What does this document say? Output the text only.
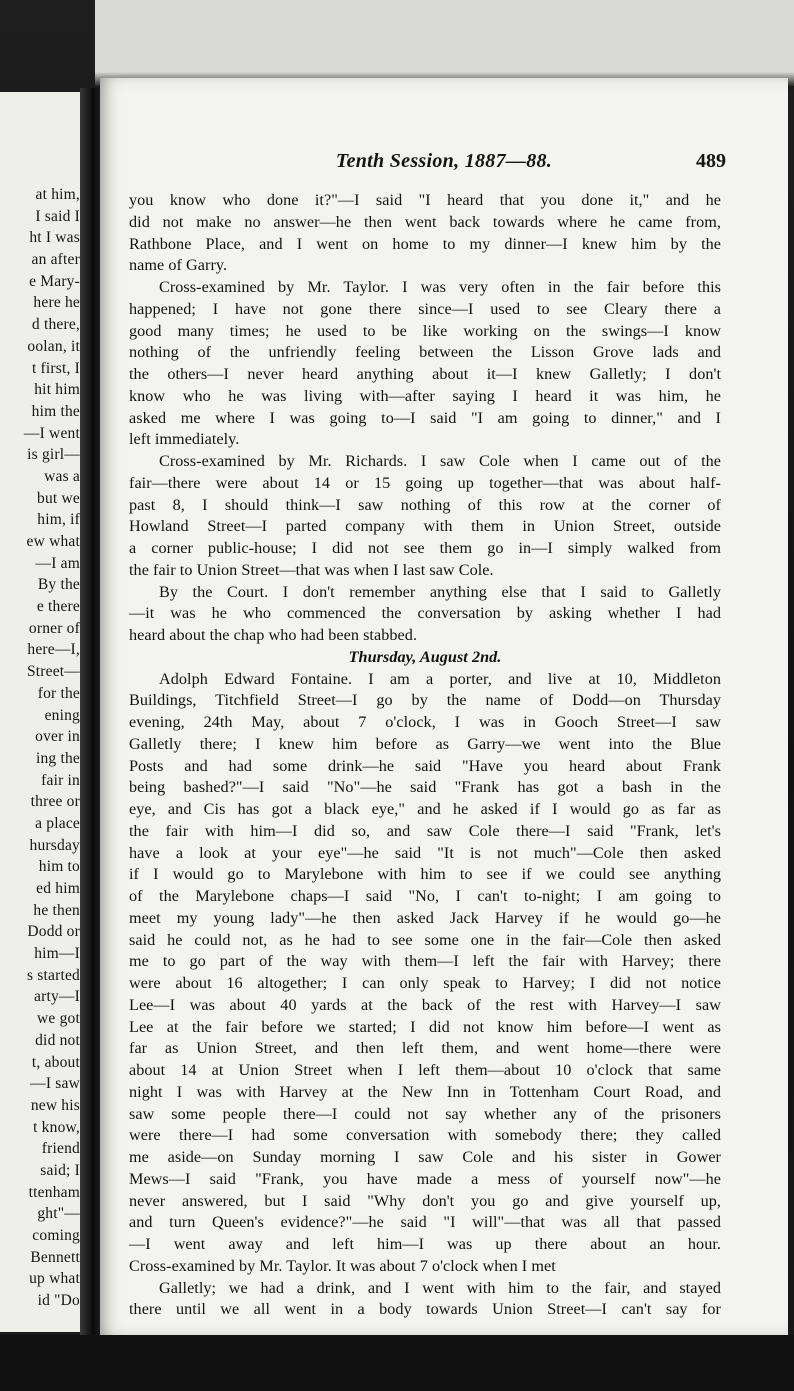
at him,
I said I
ht I was
an after
e Mary-
here he
d there,
oolan, it
t first, I
hit him
him the
—I went
is girl—
was a
but we
him, if
ew what
—I am
By the
e there
orner of
here—I,
Street—
for the
ening
over in
ing the
fair in
three or
a place
hursday
him to
ed him
he then
Dodd or
him—I
s started
arty—I
we got
did not
t, about
—I saw
new his
t know,
friend
said; I
ttenham
ght"—
coming
Bennett
up what
id "Do
Tenth Session, 1887—88.	489
you know who done it?"—I said "I heard that you done it," and he
did not make no answer—he then went back towards where he came from,
Rathbone Place, and I went on home to my dinner—I knew him by the
name of Garry.
Cross-examined by Mr. Taylor. I was very often in the fair before this
happened; I have not gone there since—I used to see Cleary there a
good many times; he used to be like working on the swings—I know
nothing of the unfriendly feeling between the Lisson Grove lads and
the others—I never heard anything about it—I knew Galletly; I don't
know who he was living with—after saying I heard it was him, he
asked me where I was going to—I said "I am going to dinner," and I
left immediately.
Cross-examined by Mr. Richards. I saw Cole when I came out of the
fair—there were about 14 or 15 going up together—that was about half-
past 8, I should think—I saw nothing of this row at the corner of
Howland Street—I parted company with them in Union Street, outside
a corner public-house; I did not see them go in—I simply walked from
the fair to Union Street—that was when I last saw Cole.
By the Court. I don't remember anything else that I said to Galletly
—it was he who commenced the conversation by asking whether I had
heard about the chap who had been stabbed.
Thursday, August 2nd.
Adolph Edward Fontaine. I am a porter, and live at 10, Middleton
Buildings, Titchfield Street—I go by the name of Dodd—on Thursday
evening, 24th May, about 7 o'clock, I was in Gooch Street—I saw
Galletly there; I knew him before as Garry—we went into the Blue
Posts and had some drink—he said "Have you heard about Frank
being bashed?"—I said "No"—he said "Frank has got a bash in the
eye, and Cis has got a black eye," and he asked if I would go as far as
the fair with him—I did so, and saw Cole there—I said "Frank, let's
have a look at your eye"—he said "It is not much"—Cole then asked
if I would go to Marylebone with him to see if we could see anything
of the Marylebone chaps—I said "No, I can't to-night; I am going to
meet my young lady"—he then asked Jack Harvey if he would go—he
said he could not, as he had to see some one in the fair—Cole then asked
me to go part of the way with them—I left the fair with Harvey; there
were about 16 altogether; I can only speak to Harvey; I did not notice
Lee—I was about 40 yards at the back of the rest with Harvey—I saw
Lee at the fair before we started; I did not know him before—I went as
far as Union Street, and then left them, and went home—there were
about 14 at Union Street when I left them—about 10 o'clock that same
night I was with Harvey at the New Inn in Tottenham Court Road, and
saw some people there—I could not say whether any of the prisoners
were there—I had some conversation with somebody there; they called
me aside—on Sunday morning I saw Cole and his sister in Gower
Mews—I said "Frank, you have made a mess of yourself now"—he
never answered, but I said "Why don't you go and give yourself up,
and turn Queen's evidence?"—he said "I will"—that was all that passed
—I went away and left him—I was up there about an hour.
Cross-examined by Mr. Taylor. It was about 7 o'clock when I met
Galletly; we had a drink, and I went with him to the fair, and stayed
there until we all went in a body towards Union Street—I can't say for
